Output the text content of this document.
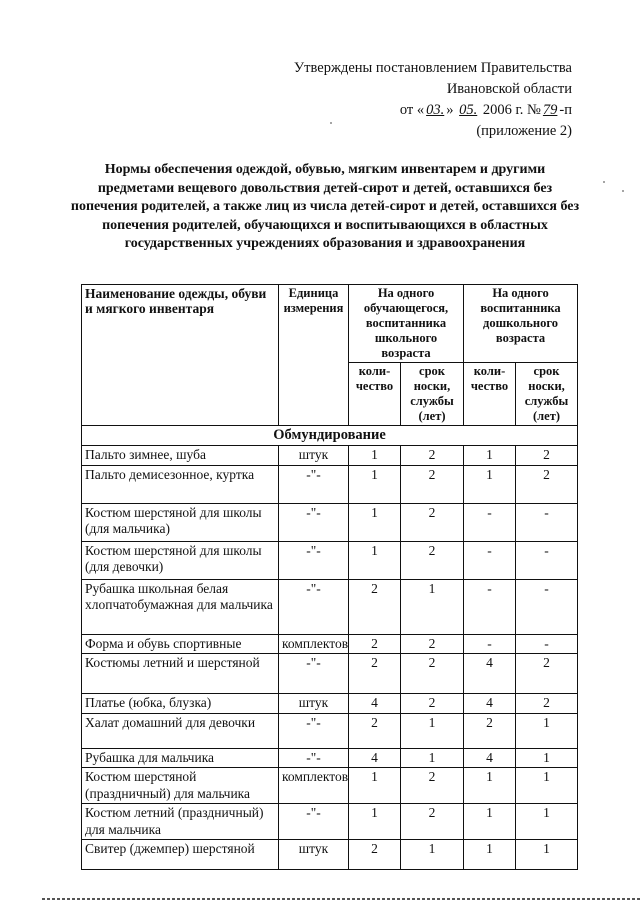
Утверждены постановлением Правительства
Ивановской области
от « 03. » 05. 2006 г. № 79 -п
(приложение 2)
Нормы обеспечения одеждой, обувью, мягким инвентарем и другими предметами вещевого довольствия детей-сирот и детей, оставшихся без попечения родителей, а также лиц из числа детей-сирот и детей, оставшихся без попечения родителей, обучающихся и воспитывающихся в областных государственных учреждениях образования и здравоохранения
Наименование одежды, обуви и мягкого инвентаря	Единица измерения	На одного обучающегося, воспитанника школьного возраста		На одного воспитанника дошкольного возраста	
		коли-чество	срок носки, службы (лет)	коли-чество	срок носки, службы (лет)
Обмундирование					
Пальто зимнее, шуба	штук	1	2	1	2
Пальто демисезонное, куртка	-"-	1	2	1	2
Костюм шерстяной для школы (для мальчика)	-"-	1	2	-	-
Костюм шерстяной для школы (для девочки)	-"-	1	2	-	-
Рубашка школьная белая хлопчатобумажная для мальчика	-"-	2	1	-	-
Форма и обувь спортивные	комплектов	2	2	-	-
Костюмы летний и шерстяной	-"-	2	2	4	2
Платье (юбка, блузка)	штук	4	2	4	2
Халат домашний для девочки	-"-	2	1	2	1
Рубашка для мальчика	-"-	4	1	4	1
Костюм шерстяной (праздничный) для мальчика	комплектов	1	2	1	1
Костюм летний (праздничный) для мальчика	-"-	1	2	1	1
Свитер (джемпер) шерстяной	штук	2	1	1	1
